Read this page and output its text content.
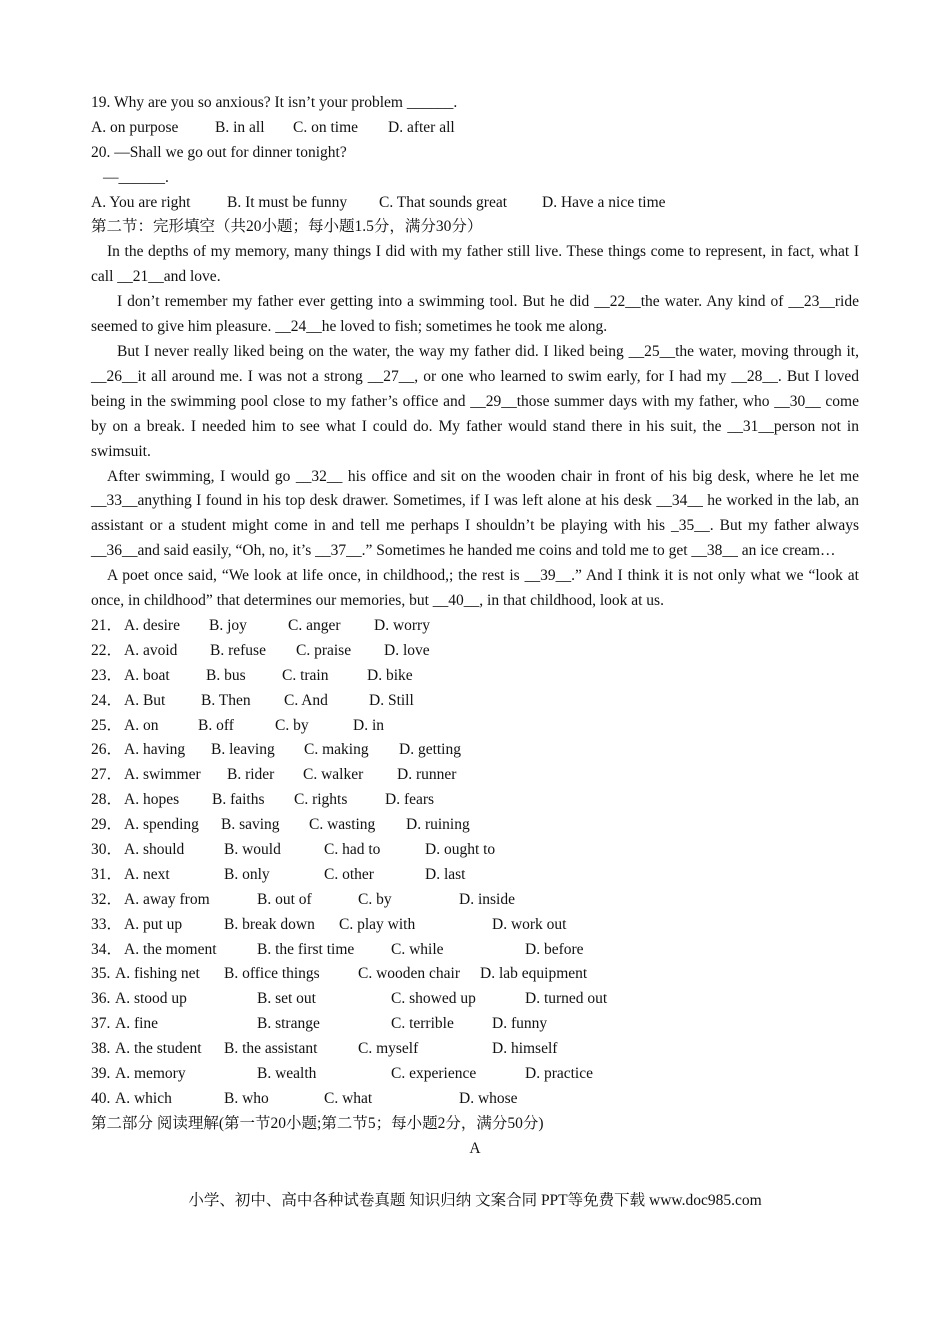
19. Why are you so anxious? It isn’t your problem ______.
A. on purpose B. in all C. on time D. after all
20. —Shall we go out for dinner tonight?
—______.
A. You are right B. It must be funny C. That sounds great D. Have a nice time
第二节：完形填空（共20小题；每小题1.5分，满分30分）
In the depths of my memory, many things I did with my father still live. These things come to represent, in fact, what I call __21__and love.
I don’t remember my father ever getting into a swimming tool. But he did __22__the water. Any kind of __23__ride seemed to give him pleasure. __24__he loved to fish; sometimes he took me along.
But I never really liked being on the water, the way my father did. I liked being __25__the water, moving through it, __26__it all around me. I was not a strong __27__, or one who learned to swim early, for I had my __28__. But I loved being in the swimming pool close to my father’s office and __29__those summer days with my father, who __30__ come by on a break. I needed him to see what I could do. My father would stand there in his suit, the __31__person not in swimsuit.
After swimming, I would go __32__ his office and sit on the wooden chair in front of his big desk, where he let me __33__anything I found in his top desk drawer. Sometimes, if I was left alone at his desk __34__ he worked in the lab, an assistant or a student might come in and tell me perhaps I shouldn’t be playing with his _35__. But my father always __36__and said easily, “Oh, no, it’s __37__.” Sometimes he handed me coins and told me to get __38__ an ice cream…
A poet once said, “We look at life once, in childhood,; the rest is __39__.” And I think it is not only what we “look at once, in childhood” that determines our memories, but __40__, in that childhood, look at us.
21． A. desire B. joy	C. anger D. worry
22． A. avoid B. refuse C. praise D. love
23． A. boat B. bus C. train D. bike
24． A. But B. Then C. And	D. Still
25． A. on	B. off	C. by	D. in
26． A. having B. leaving C. making D. getting
27． A. swimmer B. rider C. walker D. runner
28． A. hopes B. faiths C. rights D. fears
29． A. spending B. saving C. wasting D. ruining
30． A. should	B. would	C. had to	D. ought to
31． A. next	B. only	C. other	D. last
32． A. away from	B. out of	C. by	D. inside
33． A. put up	B. break down C. play with	D. work out
34． A. the moment	B. the first time C. while	D. before
35. A. fishing net B. office things C. wooden chair D. lab equipment
36. A. stood up	B. set out	C. showed up	D. turned out
37. A. fine	B. strange	C. terrible D. funny
38. A. the student B. the assistant	C. myself	D. himself
39. A. memory	B. wealth	C. experience	D. practice
40. A. which	B. who	C. what	D. whose
第二部分 阅读理解(第一节20小题;第二节5；每小题2分，满分50分)
A
小学、初中、高中各种试卷真题 知识归纳 文案合同 PPT等免费下载 www.doc985.com
